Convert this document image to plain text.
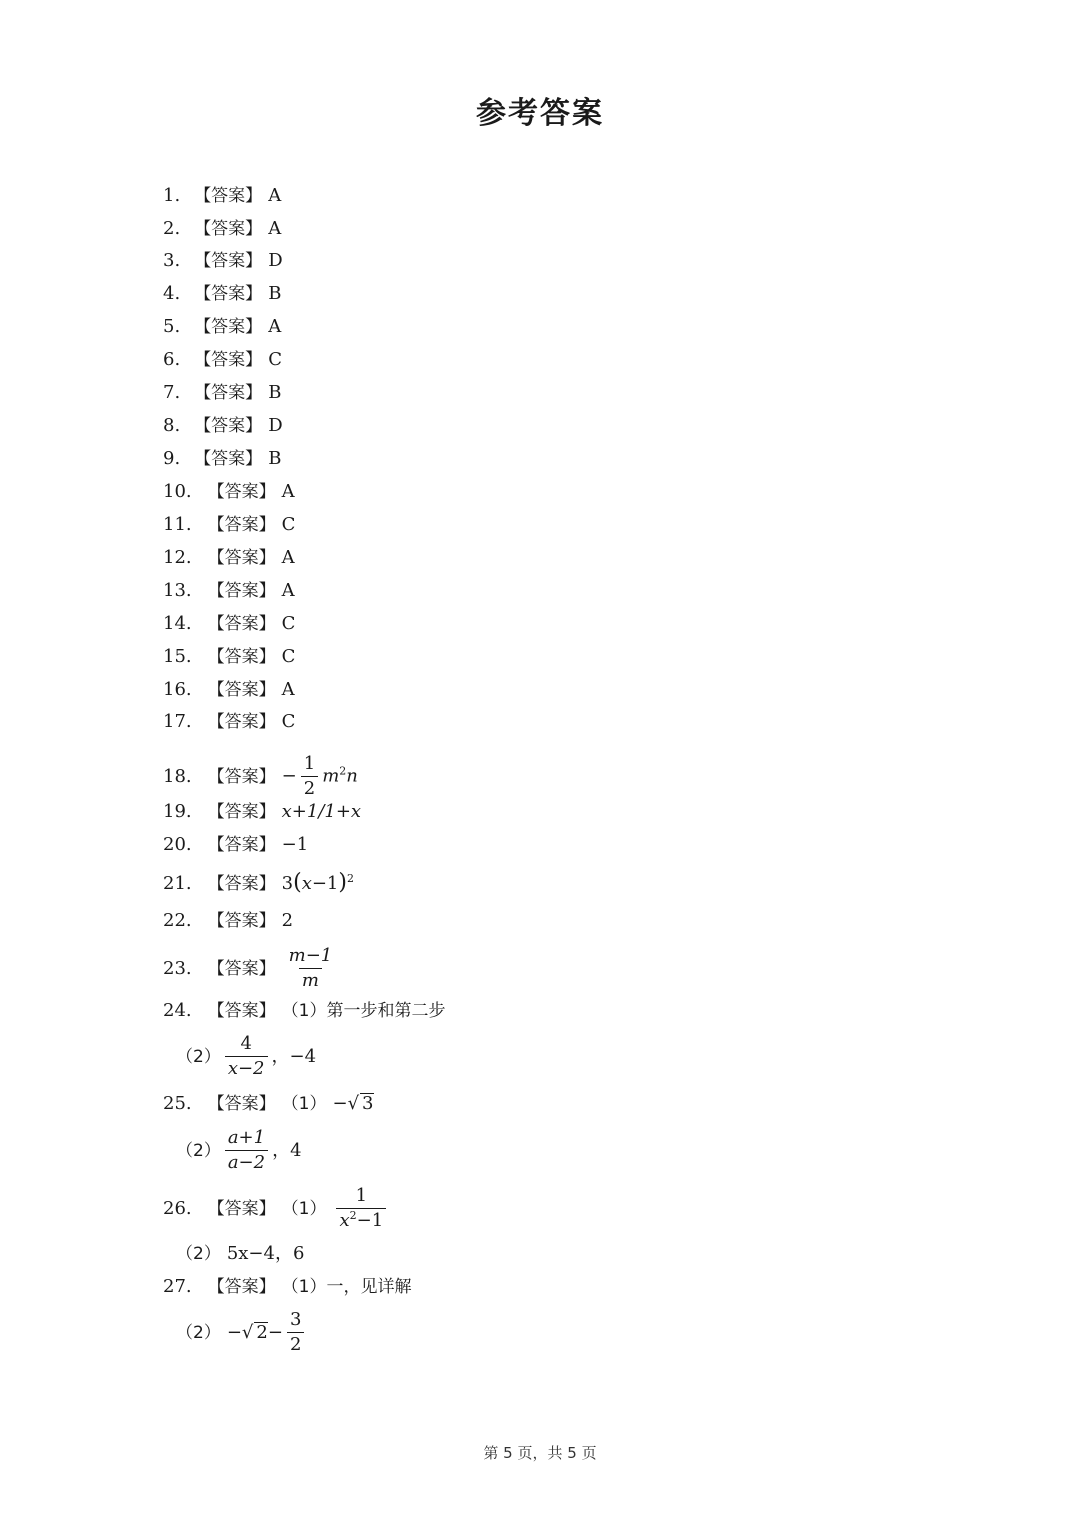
参考答案
1. 【答案】 A
2. 【答案】 A
3. 【答案】 D
4. 【答案】 B
5. 【答案】 A
6. 【答案】 C
7. 【答案】 B
8. 【答案】 D
9. 【答案】 B
10. 【答案】 A
11. 【答案】 C
12. 【答案】 A
13. 【答案】 A
14. 【答案】 C
15. 【答案】 C
16. 【答案】 A
17. 【答案】 C
18. 【答案】 − $\frac{1}{2} m^2n$
19. 【答案】 x+1/1+x
20. 【答案】 −1
21. 【答案】 $3(x-1)^2$
22. 【答案】 2
23. 【答案】 $\frac{m-1}{m}$
24. 【答案】 （1） 第一步和第二步
$(2) \frac{4}{x-2}$ ，−4
25. 【答案】 （1） −√ 3
$(2) \frac{a+1}{a-2}$ ，4
26. 【答案】 $(1) \frac{1}{x^2-1}$
（2） 5x−4，6
27. 【答案】 （1） 一，见详解
（2） −√ $2- \frac{3}{2}$
第 5 页，共 5 页
